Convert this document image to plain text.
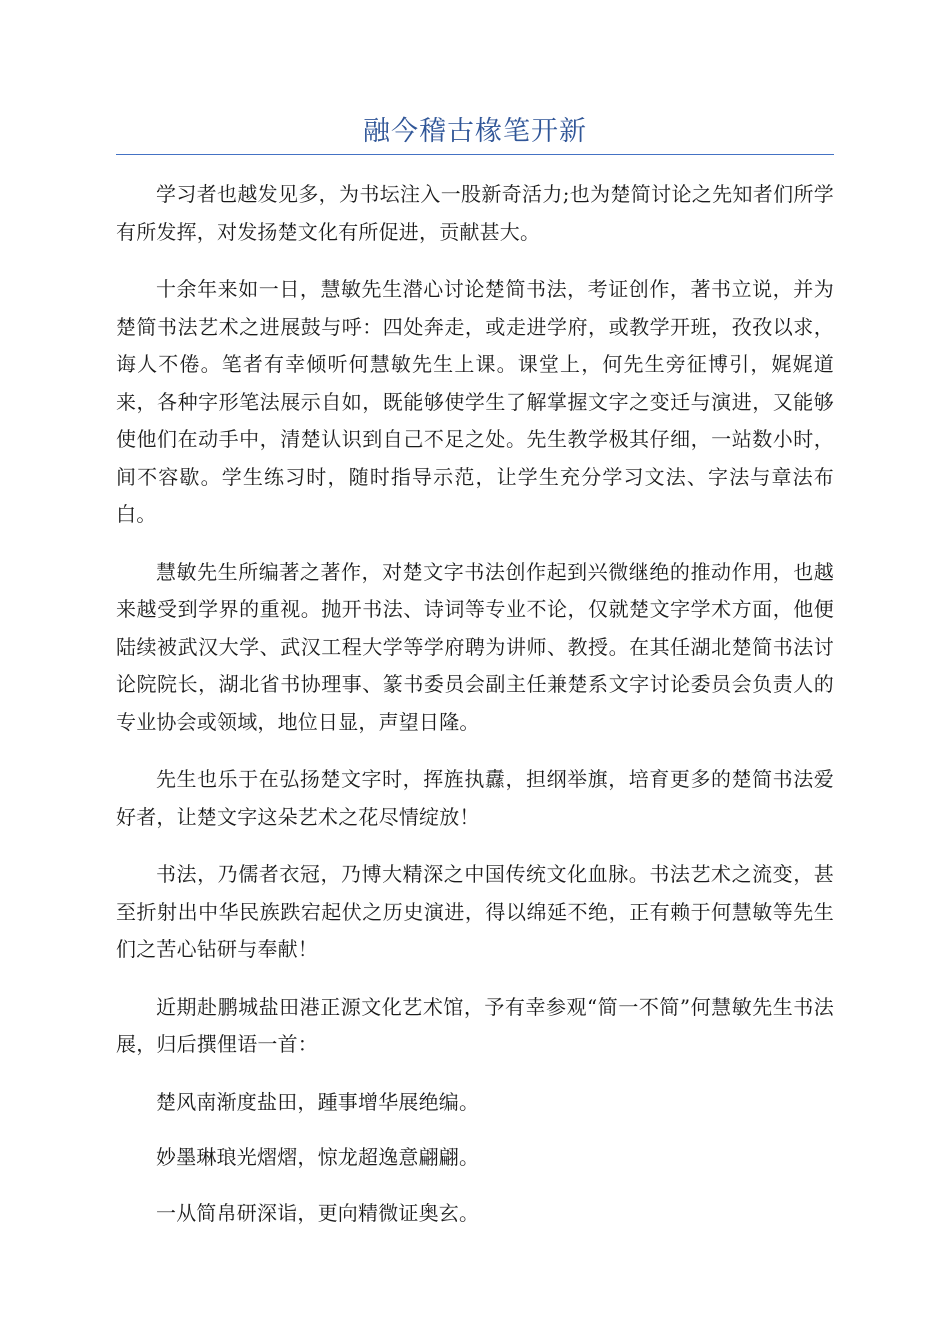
融今稽古椽笔开新

学习者也越发见多，为书坛注入一股新奇活力;也为楚简讨论之先知者们所学有所发挥，对发扬楚文化有所促进，贡献甚大。

十余年来如一日，慧敏先生潜心讨论楚简书法，考证创作，著书立说，并为楚简书法艺术之进展鼓与呼：四处奔走，或走进学府，或教学开班，孜孜以求，诲人不倦。笔者有幸倾听何慧敏先生上课。课堂上，何先生旁征博引，娓娓道来，各种字形笔法展示自如，既能够使学生了解掌握文字之变迁与演进，又能够使他们在动手中，清楚认识到自己不足之处。先生教学极其仔细，一站数小时，间不容歇。学生练习时，随时指导示范，让学生充分学习文法、字法与章法布白。

慧敏先生所编著之著作，对楚文字书法创作起到兴微继绝的推动作用，也越来越受到学界的重视。抛开书法、诗词等专业不论，仅就楚文字学术方面，他便陆续被武汉大学、武汉工程大学等学府聘为讲师、教授。在其任湖北楚简书法讨论院院长，湖北省书协理事、篆书委员会副主任兼楚系文字讨论委员会负责人的专业协会或领域，地位日显，声望日隆。

先生也乐于在弘扬楚文字时，挥旌执纛，担纲举旗，培育更多的楚简书法爱好者，让楚文字这朵艺术之花尽情绽放！

书法，乃儒者衣冠，乃博大精深之中国传统文化血脉。书法艺术之流变，甚至折射出中华民族跌宕起伏之历史演进，得以绵延不绝，正有赖于何慧敏等先生们之苦心钻研与奉献！

近期赴鹏城盐田港正源文化艺术馆，予有幸参观“简一不简”何慧敏先生书法展，归后撰俚语一首：

楚风南渐度盐田，踵事增华展绝编。

妙墨琳琅光熠熠，惊龙超逸意翩翩。

一从简帛研深诣，更向精微证奥玄。
